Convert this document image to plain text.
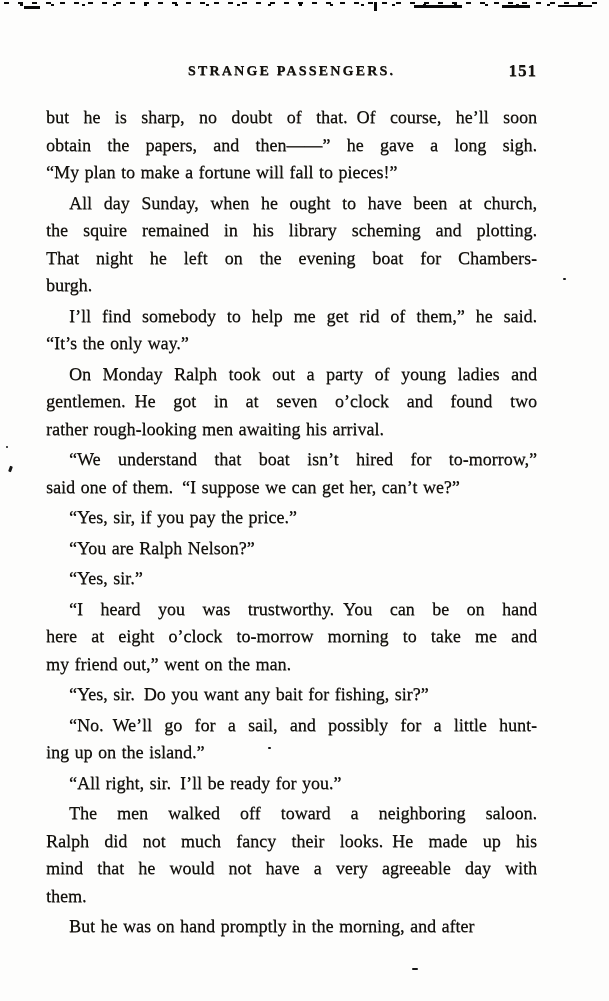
STRANGE PASSENGERS.	151
but he is sharp, no doubt of that. Of course, he’ll soon
obtain the papers, and then——” he gave a long sigh.
“My plan to make a fortune will fall to pieces!”
All day Sunday, when he ought to have been at church,
the squire remained in his library scheming and plotting.
That night he left on the evening boat for Chambers-
burgh.
I’ll find somebody to help me get rid of them,” he said.
“It’s the only way.”
On Monday Ralph took out a party of young ladies and
gentlemen. He got in at seven o’clock and found two
rather rough-looking men awaiting his arrival.
“We understand that boat isn’t hired for to-morrow,”
said one of them. “I suppose we can get her, can’t we?”
“Yes, sir, if you pay the price.”
“You are Ralph Nelson?”
“Yes, sir.”
“I heard you was trustworthy. You can be on hand
here at eight o’clock to-morrow morning to take me and
my friend out,” went on the man.
“Yes, sir. Do you want any bait for fishing, sir?”
“No. We’ll go for a sail, and possibly for a little hunt-
ing up on the island.”
“All right, sir. I’ll be ready for you.”
The men walked off toward a neighboring saloon.
Ralph did not much fancy their looks. He made up his
mind that he would not have a very agreeable day with
them.
But he was on hand promptly in the morning, and after
